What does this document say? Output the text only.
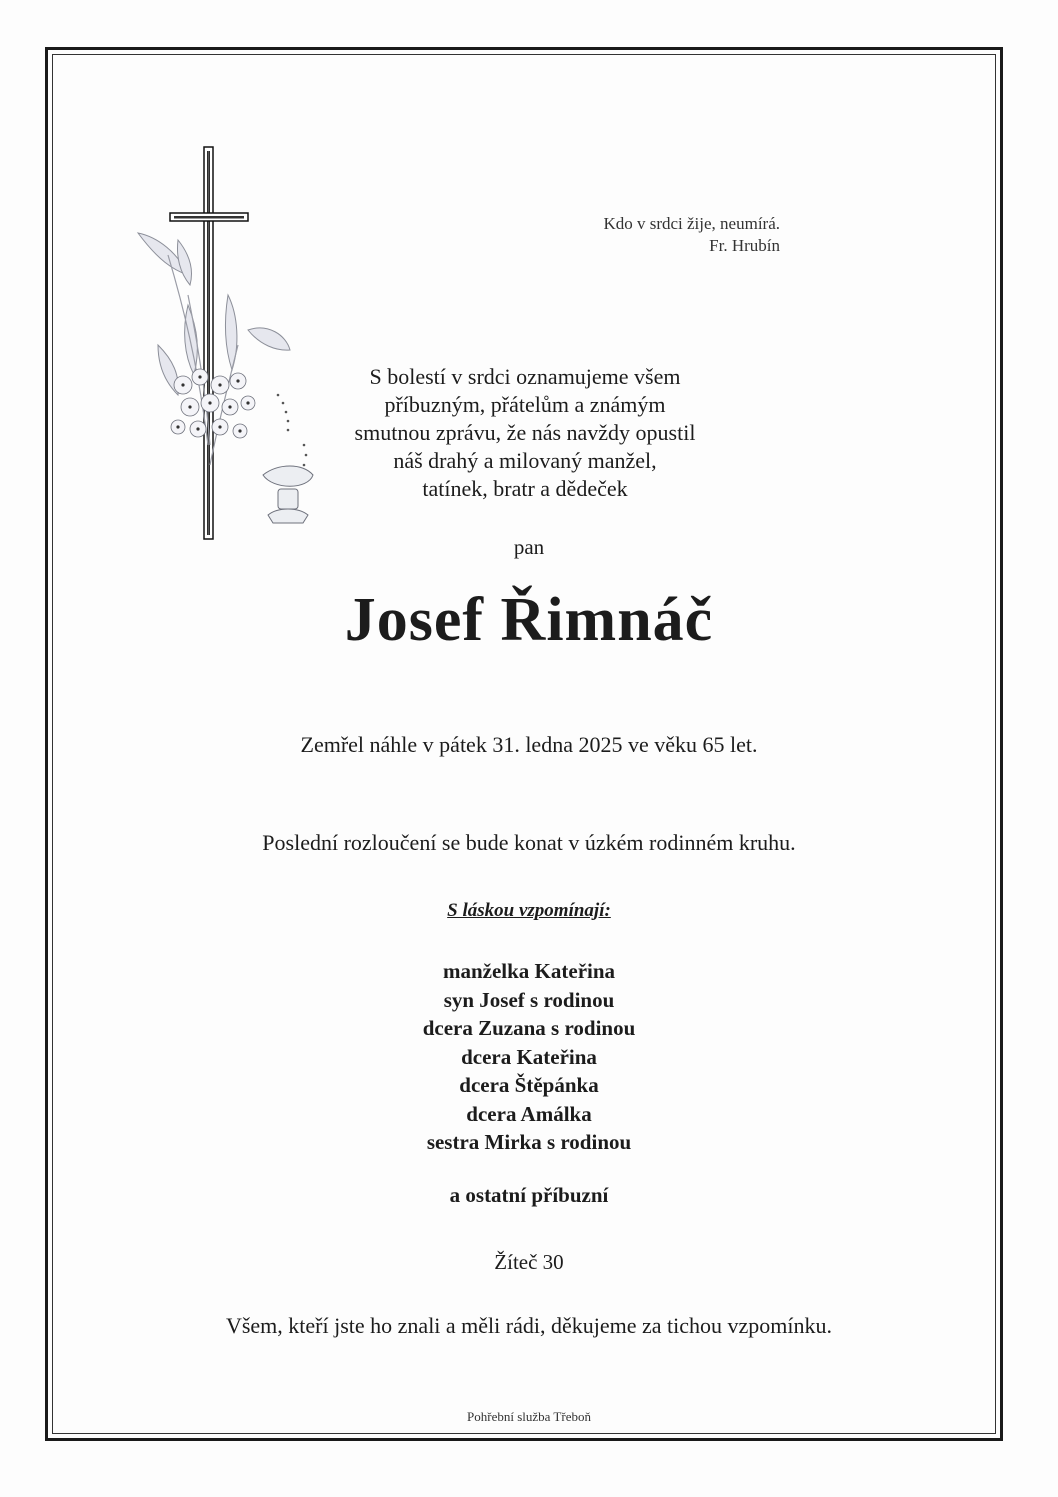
Kdo v srdci žije, neumírá.
Fr. Hrubín
S bolestí v srdci oznamujeme všem
příbuzným, přátelům a známým
smutnou zprávu, že nás navždy opustil
náš drahý a milovaný manžel,
tatínek, bratr a dědeček
pan
Josef Řimnáč
Zemřel náhle v pátek 31. ledna 2025 ve věku 65 let.
Poslední rozloučení se bude konat v úzkém rodinném kruhu.
S láskou vzpomínají:
manželka Kateřina
syn Josef s rodinou
dcera Zuzana s rodinou
dcera Kateřina
dcera Štěpánka
dcera Amálka
sestra Mirka s rodinou
a ostatní příbuzní
Žíteč 30
Všem, kteří jste ho znali a měli rádi, děkujeme za tichou vzpomínku.
Pohřební služba Třeboň
